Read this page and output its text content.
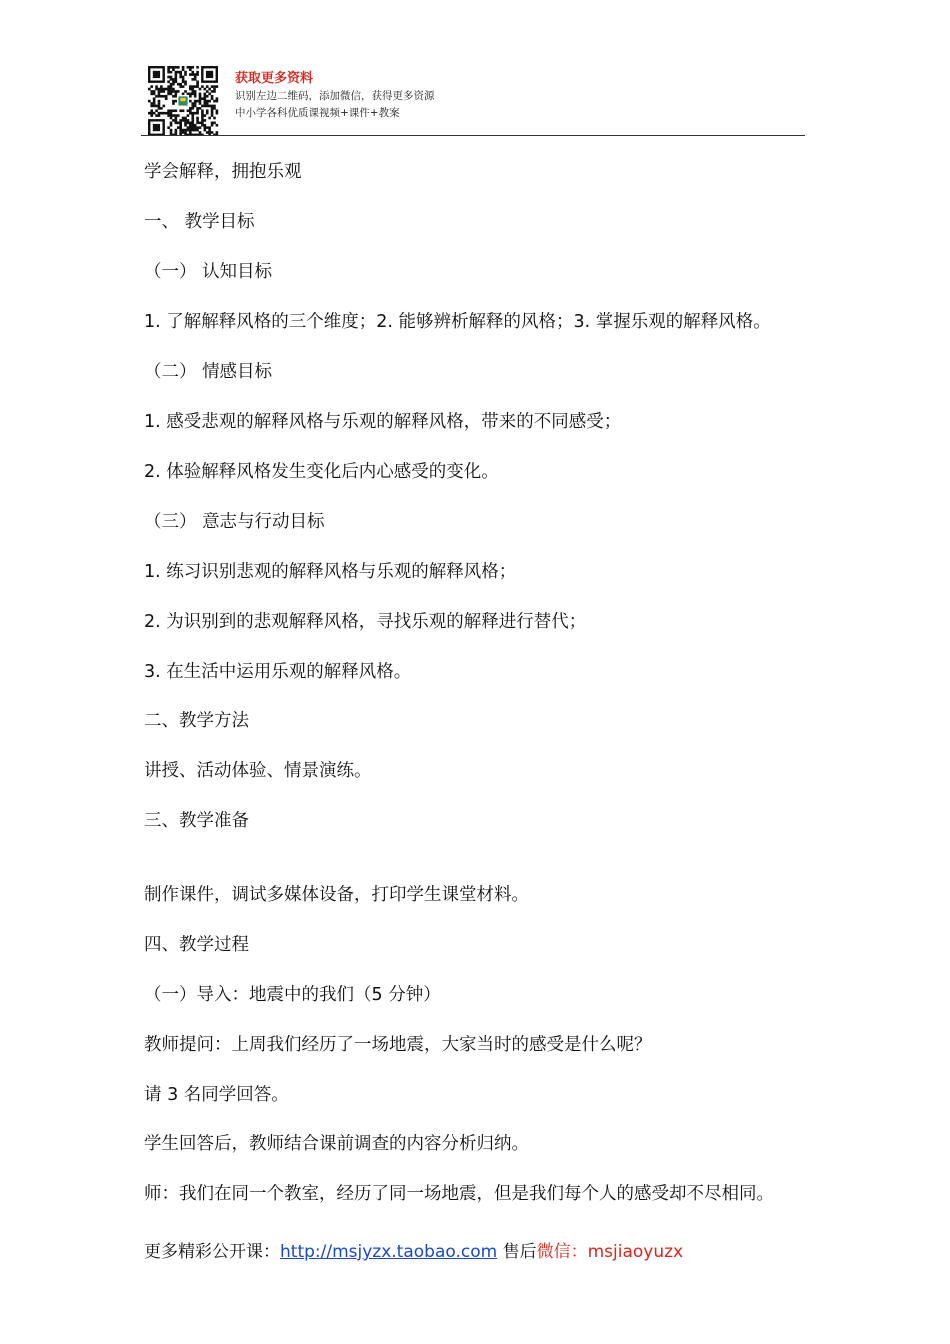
获取更多资料
识别左边二维码，添加微信，获得更多资源
中小学各科优质课视频+课件+教案
学会解释，拥抱乐观
一、 教学目标
（一） 认知目标
1. 了解解释风格的三个维度；2. 能够辨析解释的风格；3. 掌握乐观的解释风格。
（二） 情感目标
1. 感受悲观的解释风格与乐观的解释风格，带来的不同感受；
2. 体验解释风格发生变化后内心感受的变化。
（三） 意志与行动目标
1. 练习识别悲观的解释风格与乐观的解释风格；
2. 为识别到的悲观解释风格，寻找乐观的解释进行替代；
3. 在生活中运用乐观的解释风格。
二、教学方法
讲授、活动体验、情景演练。
三、教学准备
制作课件，调试多媒体设备，打印学生课堂材料。
四、教学过程
（一）导入：地震中的我们（5 分钟）
教师提问：上周我们经历了一场地震，大家当时的感受是什么呢？
请 3 名同学回答。
学生回答后，教师结合课前调查的内容分析归纳。
师：我们在同一个教室，经历了同一场地震，但是我们每个人的感受却不尽相同。
更多精彩公开课：http://msjyzx.taobao.com 售后微信：msjiaoyuzx
